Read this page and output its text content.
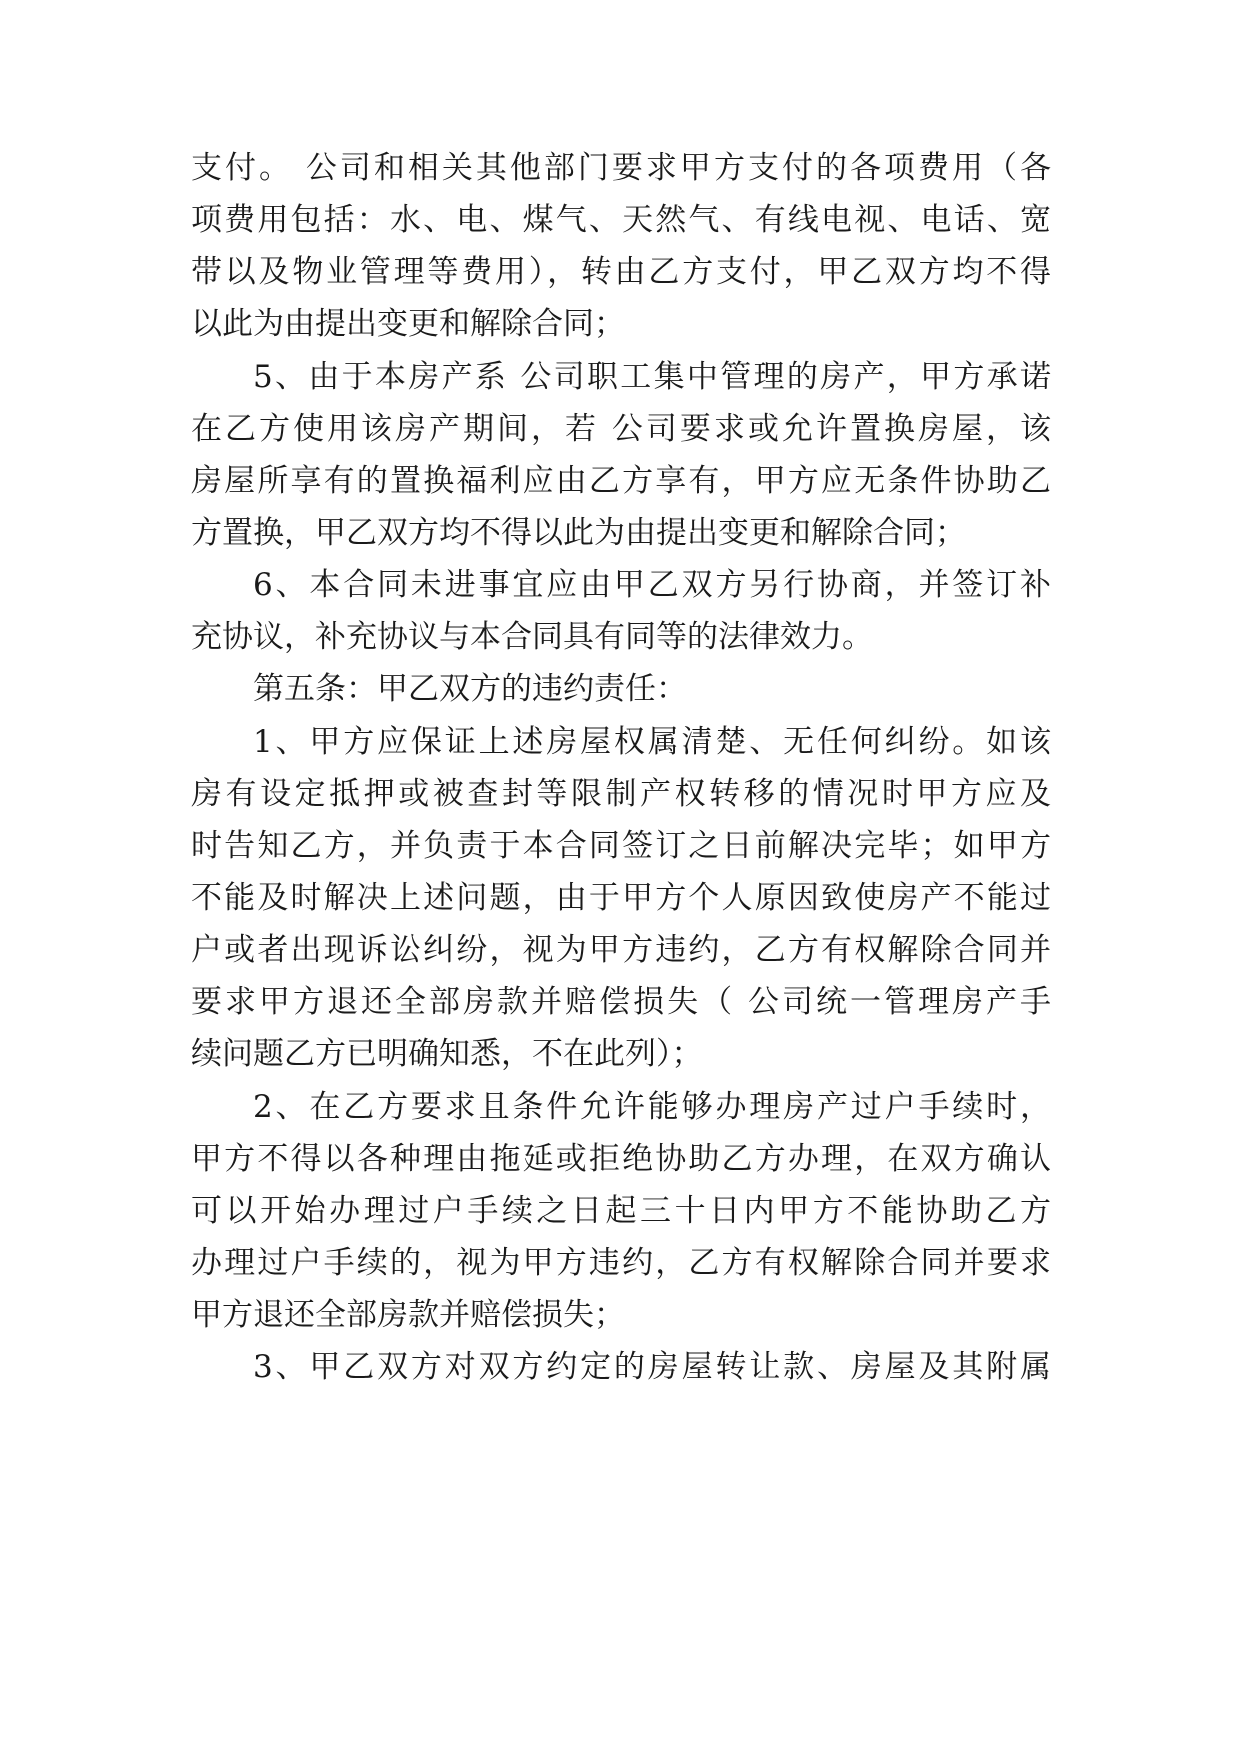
支付。 公司和相关其他部门要求甲方支付的各项费用（各
项费用包括：水、电、煤气、天然气、有线电视、电话、宽
带以及物业管理等费用），转由乙方支付，甲乙双方均不得
以此为由提出变更和解除合同；
5、由于本房产系 公司职工集中管理的房产，甲方承诺
在乙方使用该房产期间，若 公司要求或允许置换房屋，该
房屋所享有的置换福利应由乙方享有，甲方应无条件协助乙
方置换，甲乙双方均不得以此为由提出变更和解除合同；
6、本合同未进事宜应由甲乙双方另行协商，并签订补
充协议，补充协议与本合同具有同等的法律效力。
第五条：甲乙双方的违约责任：
1、甲方应保证上述房屋权属清楚、无任何纠纷。如该
房有设定抵押或被查封等限制产权转移的情况时甲方应及
时告知乙方，并负责于本合同签订之日前解决完毕；如甲方
不能及时解决上述问题，由于甲方个人原因致使房产不能过
户或者出现诉讼纠纷，视为甲方违约，乙方有权解除合同并
要求甲方退还全部房款并赔偿损失（ 公司统一管理房产手
续问题乙方已明确知悉，不在此列）；
2、在乙方要求且条件允许能够办理房产过户手续时，
甲方不得以各种理由拖延或拒绝协助乙方办理，在双方确认
可以开始办理过户手续之日起三十日内甲方不能协助乙方
办理过户手续的，视为甲方违约，乙方有权解除合同并要求
甲方退还全部房款并赔偿损失；
3、甲乙双方对双方约定的房屋转让款、房屋及其附属
